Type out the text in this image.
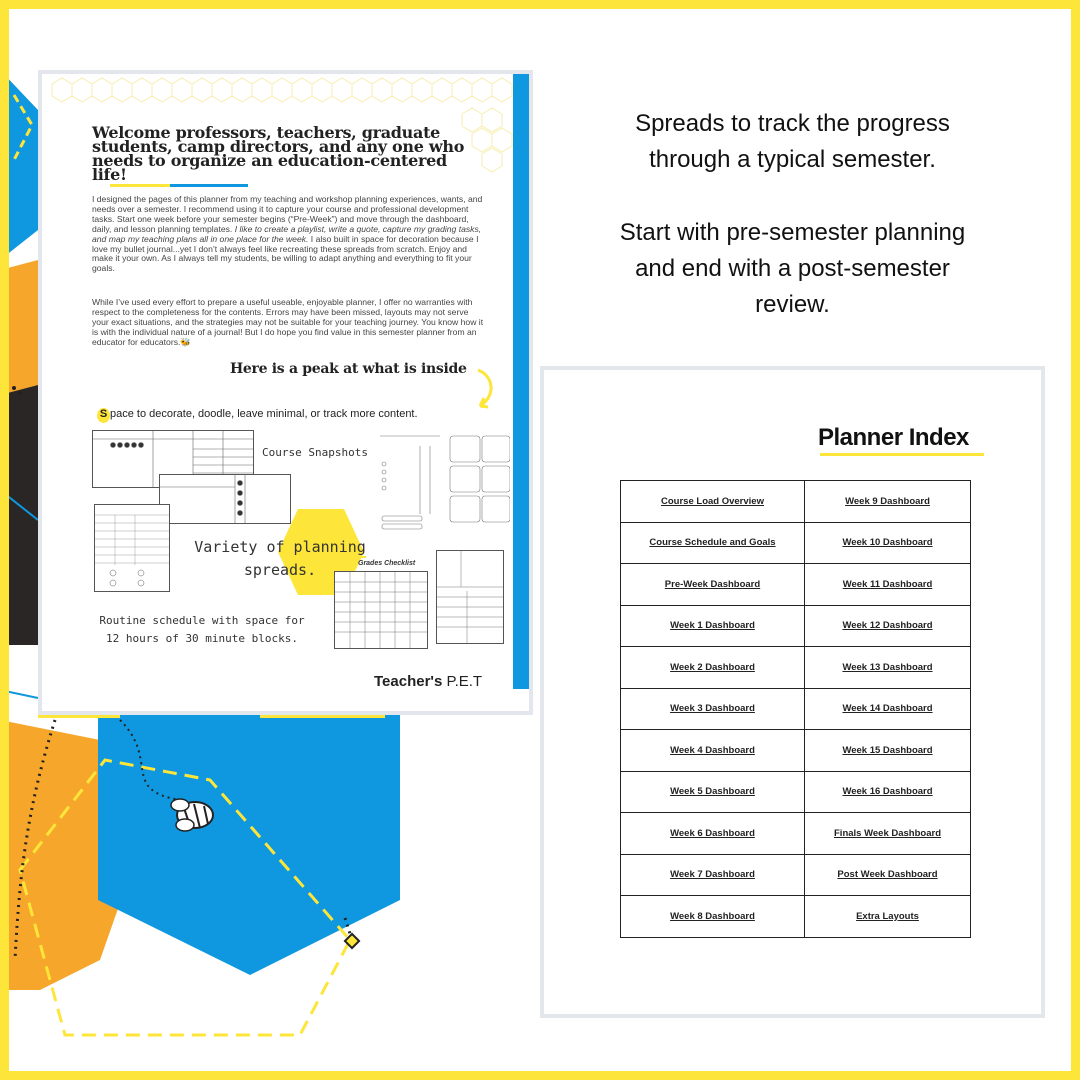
Welcome professors, teachers, graduate students, camp directors, and any one who needs to organize an education-centered life!
I designed the pages of this planner from my teaching and workshop planning experiences, wants, and needs over a semester. I recommend using it to capture your course and professional development tasks. Start one week before your semester begins (“Pre-Week”) and move through the dashboard, daily, and lesson planning templates. I like to create a playlist, write a quote, capture my grading tasks, and map my teaching plans all in one place for the week. I also built in space for decoration because I love my bullet journal...yet I don’t always feel like recreating these spreads from scratch. Enjoy and make it your own. As I always tell my students, be willing to adapt anything and everything to fit your goals.
While I’ve used every effort to prepare a useful useable, enjoyable planner, I offer no warranties with respect to the completeness for the contents. Errors may have been missed, layouts may not serve your exact situations, and the strategies may not be suitable for your teaching journey. You know how it is with the individual nature of a journal! But I do hope you find value in this semester planner from an educator for educators.🐝
Here is a peak at what is inside
S pace to decorate, doodle, leave minimal, or track more content.
Course Snapshots
Variety of planning
spreads.	Grades Checklist
Routine schedule with space for
12 hours of 30 minute blocks.
Teacher's P.E.T
Spreads to track the progress
through a typical semester.
Start with pre-semester planning
and end with a post-semester
review.
Planner Index
Course Load Overview	Week 9 Dashboard
Course Schedule and Goals	Week 10 Dashboard
Pre-Week Dashboard	Week 11 Dashboard
Week 1 Dashboard	Week 12 Dashboard
Week 2 Dashboard	Week 13 Dashboard
Week 3 Dashboard	Week 14 Dashboard
Week 4 Dashboard	Week 15 Dashboard
Week 5 Dashboard	Week 16 Dashboard
Week 6 Dashboard	Finals Week Dashboard
Week 7 Dashboard	Post Week Dashboard
Week 8 Dashboard	Extra Layouts
